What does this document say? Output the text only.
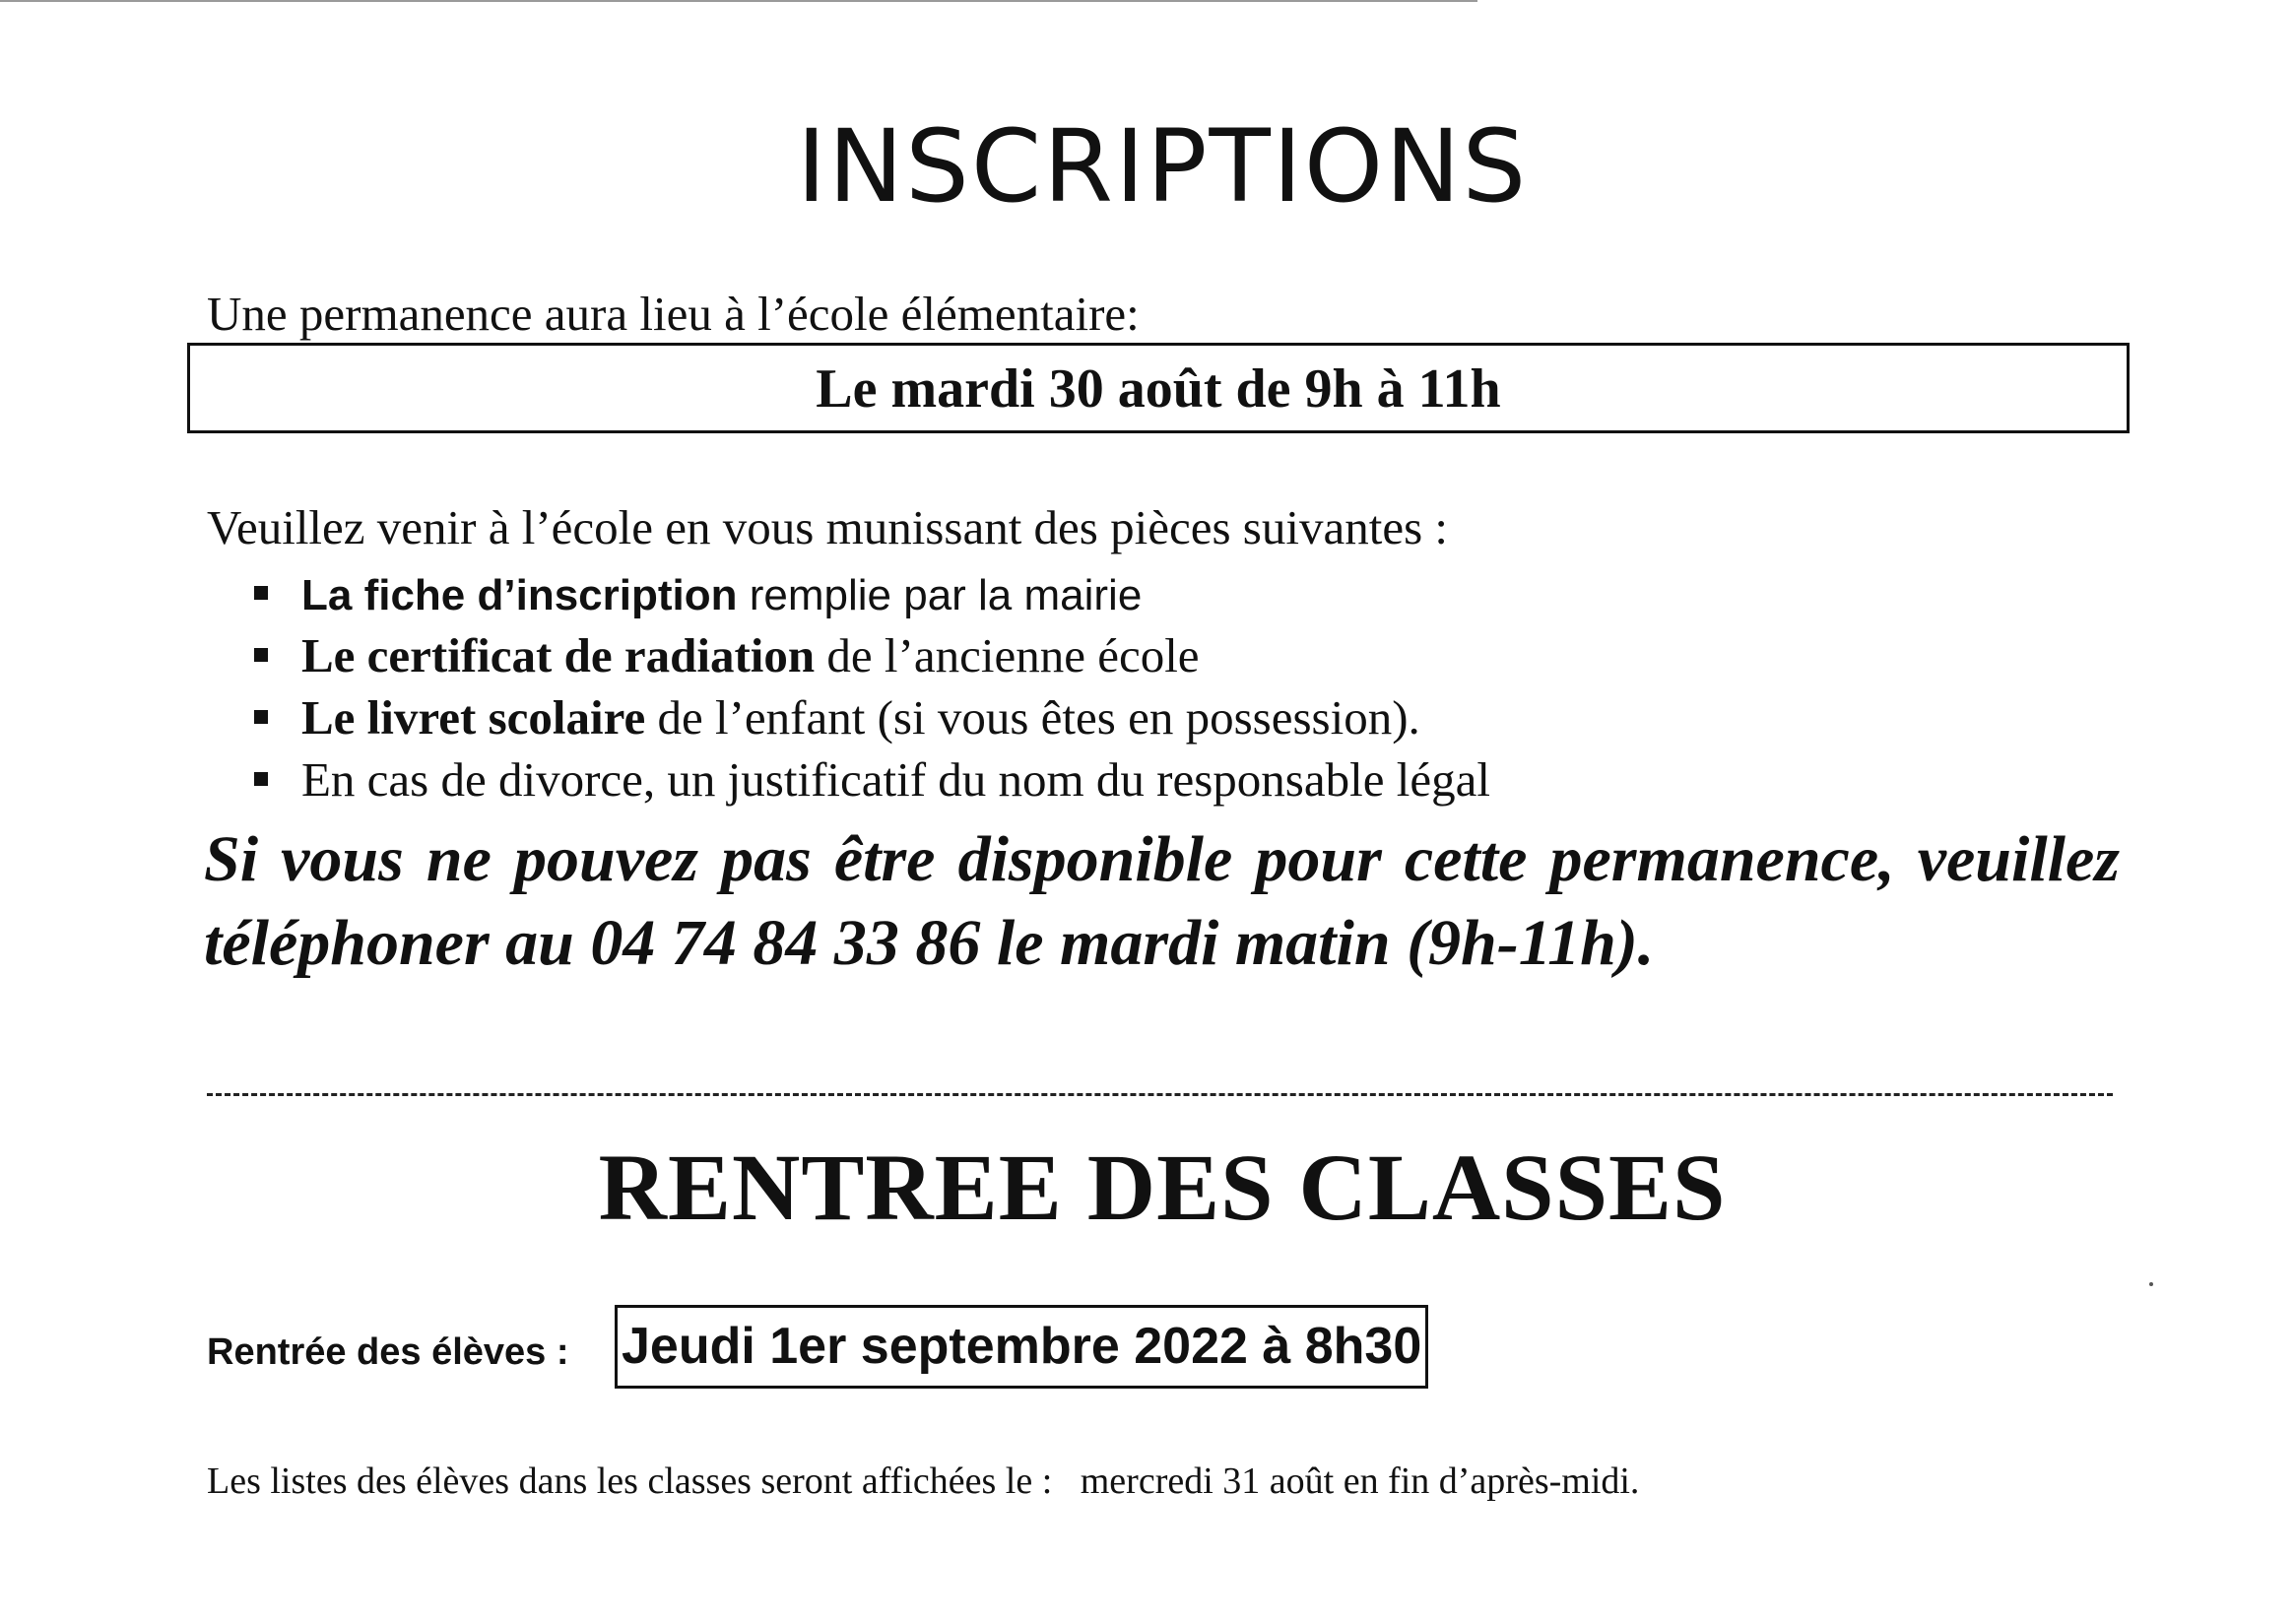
INSCRIPTIONS
Une permanence aura lieu à l’école élémentaire:
Le mardi 30 août de 9h à 11h
Veuillez venir à l’école en vous munissant des pièces suivantes :
La fiche d’inscription remplie par la mairie
Le certificat de radiation de l’ancienne école
Le livret scolaire de l’enfant (si vous êtes en possession).
En cas de divorce, un justificatif du nom du responsable légal
Si vous ne pouvez pas être disponible pour cette permanence, veuillez téléphoner au 04 74 84 33 86 le mardi matin (9h-11h).
RENTREE DES CLASSES
Rentrée des élèves : Jeudi 1er septembre 2022 à 8h30
Les listes des élèves dans les classes seront affichées le : mercredi 31 août en fin d’après-midi.
